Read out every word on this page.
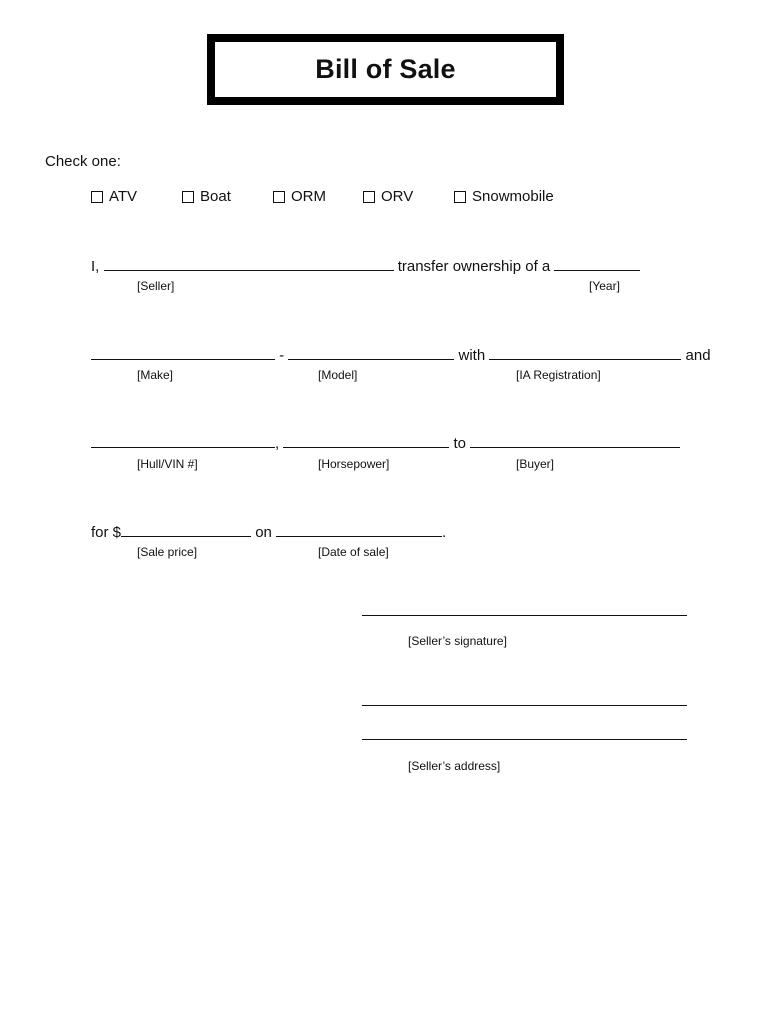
Bill of Sale
Check one:
ATV	Boat	ORM	ORV	Snowmobile
I,	transfer ownership of a
[Seller]	[Year]
-	with	and
[Make]	[Model]	[IA Registration]
,	to
[Hull/VIN #]	[Horsepower]	[Buyer]
for $	on	.
[Sale price]	[Date of sale]
[Seller’s signature]
[Seller’s address]
